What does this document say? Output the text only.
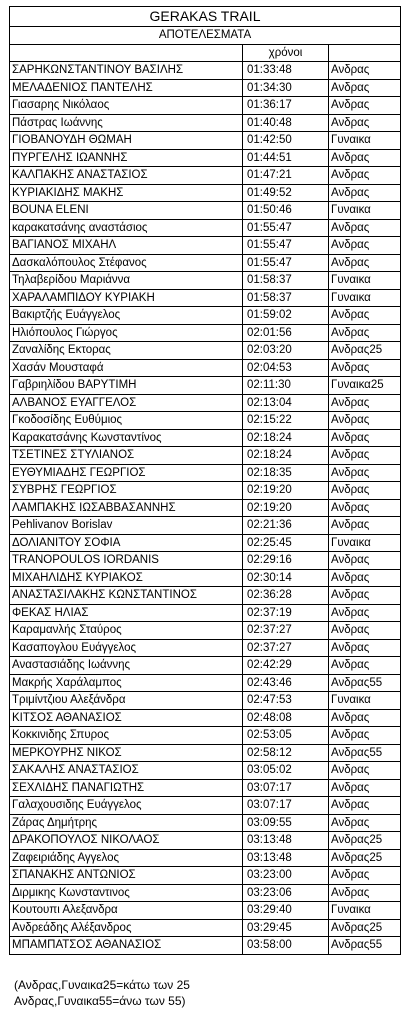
GERAKAS TRAIL		
ΑΠΟΤΕΛΕΣΜΑΤΑ		
	χρόνοι	
ΣΑΡΗΚΩΝΣΤΑΝΤΙΝΟΥ ΒΑΣΙΛΗΣ	01:33:48	Ανδρας
ΜΕΛΑΔΕΝΙΟΣ ΠΑΝΤΕΛΗΣ	01:34:30	Ανδρας
Γιασαρης Νικόλαος	01:36:17	Ανδρας
Πάστρας Ιωάννης	01:40:48	Ανδρας
ΓΙΟΒΑΝΟΥΔΗ ΘΩΜΑΗ	01:42:50	Γυναικα
ΠΥΡΓΕΛΗΣ ΙΩΑΝΝΗΣ	01:44:51	Ανδρας
ΚΑΛΠΑΚΗΣ ΑΝΑΣΤΑΣΙΟΣ	01:47:21	Ανδρας
ΚΥΡΙΑΚΙΔΗΣ ΜΑΚΗΣ	01:49:52	Ανδρας
BOUNA ELENI	01:50:46	Γυναικα
καρακατσάνης αναστάσιος	01:55:47	Ανδρας
ΒΑΓΙΑΝΟΣ ΜΙΧΑΗΛ	01:55:47	Ανδρας
Δασκαλόπουλος Στέφανος	01:55:47	Ανδρας
Τηλαβερίδου Μαριάννα	01:58:37	Γυναικα
ΧΑΡΑΛΑΜΠΙΔΟΥ ΚΥΡΙΑΚΗ	01:58:37	Γυναικα
Βακιρτζής Ευάγγελος	01:59:02	Ανδρας
Ηλιόπουλος Γιώργος	02:01:56	Ανδρας
Ζαναλίδης Εκτορας	02:03:20	Ανδρας25
Χασάν Μουσταφά	02:04:53	Ανδρας
Γαβριηλίδου ΒΑΡΥΤΙΜΗ	02:11:30	Γυναικα25
ΑΛΒΑΝΟΣ ΕΥΑΓΓΕΛΟΣ	02:13:04	Ανδρας
Γκοδοσίδης Ευθύμιος	02:15:22	Ανδρας
Καρακατσάνης Κωνσταντίνος	02:18:24	Ανδρας
ΤΣΕΤΙΝΕΣ ΣΤΥΛΙΑΝΟΣ	02:18:24	Ανδρας
ΕΥΘΥΜΙΑΔΗΣ ΓΕΩΡΓΙΟΣ	02:18:35	Ανδρας
ΣΥΒΡΗΣ ΓΕΩΡΓΙΟΣ	02:19:20	Ανδρας
ΛΑΜΠΑΚΗΣ ΙΩΣΑΒΒΑΣΑΝΝΗΣ	02:19:20	Ανδρας
Pehlivanov Borislav	02:21:36	Ανδρας
ΔΟΛΙΑΝΙΤΟΥ ΣΟΦΙΑ	02:25:45	Γυναικα
TRANOPOULOS IORDANIS	02:29:16	Ανδρας
ΜΙΧΑΗΛΙΔΗΣ ΚΥΡΙΑΚΟΣ	02:30:14	Ανδρας
ΑΝΑΣΤΑΣΙΛΑΚΗΣ ΚΩΝΣΤΑΝΤΙΝΟΣ	02:36:28	Ανδρας
ΦΕΚΑΣ ΗΛΙΑΣ	02:37:19	Ανδρας
Καραμανλής Σταύρος	02:37:27	Ανδρας
Κασαπογλου Ευάγγελος	02:37:27	Ανδρας
Αναστασιάδης Ιωάννης	02:42:29	Ανδρας
Μακρής Χαράλαμπος	02:43:46	Ανδρας55
Τριμίντζιου Αλεξάνδρα	02:47:53	Γυναικα
ΚΙΤΣΟΣ ΑΘΑΝΑΣΙΟΣ	02:48:08	Ανδρας
Κοκκινιδης Σπυρος	02:53:05	Ανδρας
ΜΕΡΚΟΥΡΗΣ ΝΙΚΟΣ	02:58:12	Ανδρας55
ΣΑΚΑΛΗΣ ΑΝΑΣΤΑΣΙΟΣ	03:05:02	Ανδρας
ΣΕΧΛΙΔΗΣ ΠΑΝΑΓΙΩΤΗΣ	03:07:17	Ανδρας
Γαλαχουσιδης Ευάγγελος	03:07:17	Ανδρας
Ζάρας Δημήτρης	03:09:55	Ανδρας
ΔΡΑΚΟΠΟΥΛΟΣ ΝΙΚΟΛΑΟΣ	03:13:48	Ανδρας25
Ζαφειριάδης Αγγελος	03:13:48	Ανδρας25
ΣΠΑΝΑΚΗΣ ΑΝΤΩΝΙΟΣ	03:23:00	Ανδρας
Διρμικης Κωνσταντινος	03:23:06	Ανδρας
Κουτουπι Αλεξανδρα	03:29:40	Γυναικα
Ανδρεάδης Αλέξανδρος	03:29:45	Ανδρας25
ΜΠΑΜΠΑΤΣΟΣ ΑΘΑΝΑΣΙΟΣ	03:58:00	Ανδρας55
(Ανδρας,Γυναικα25=κάτω των 25
Ανδρας,Γυναικα55=άνω των 55)
